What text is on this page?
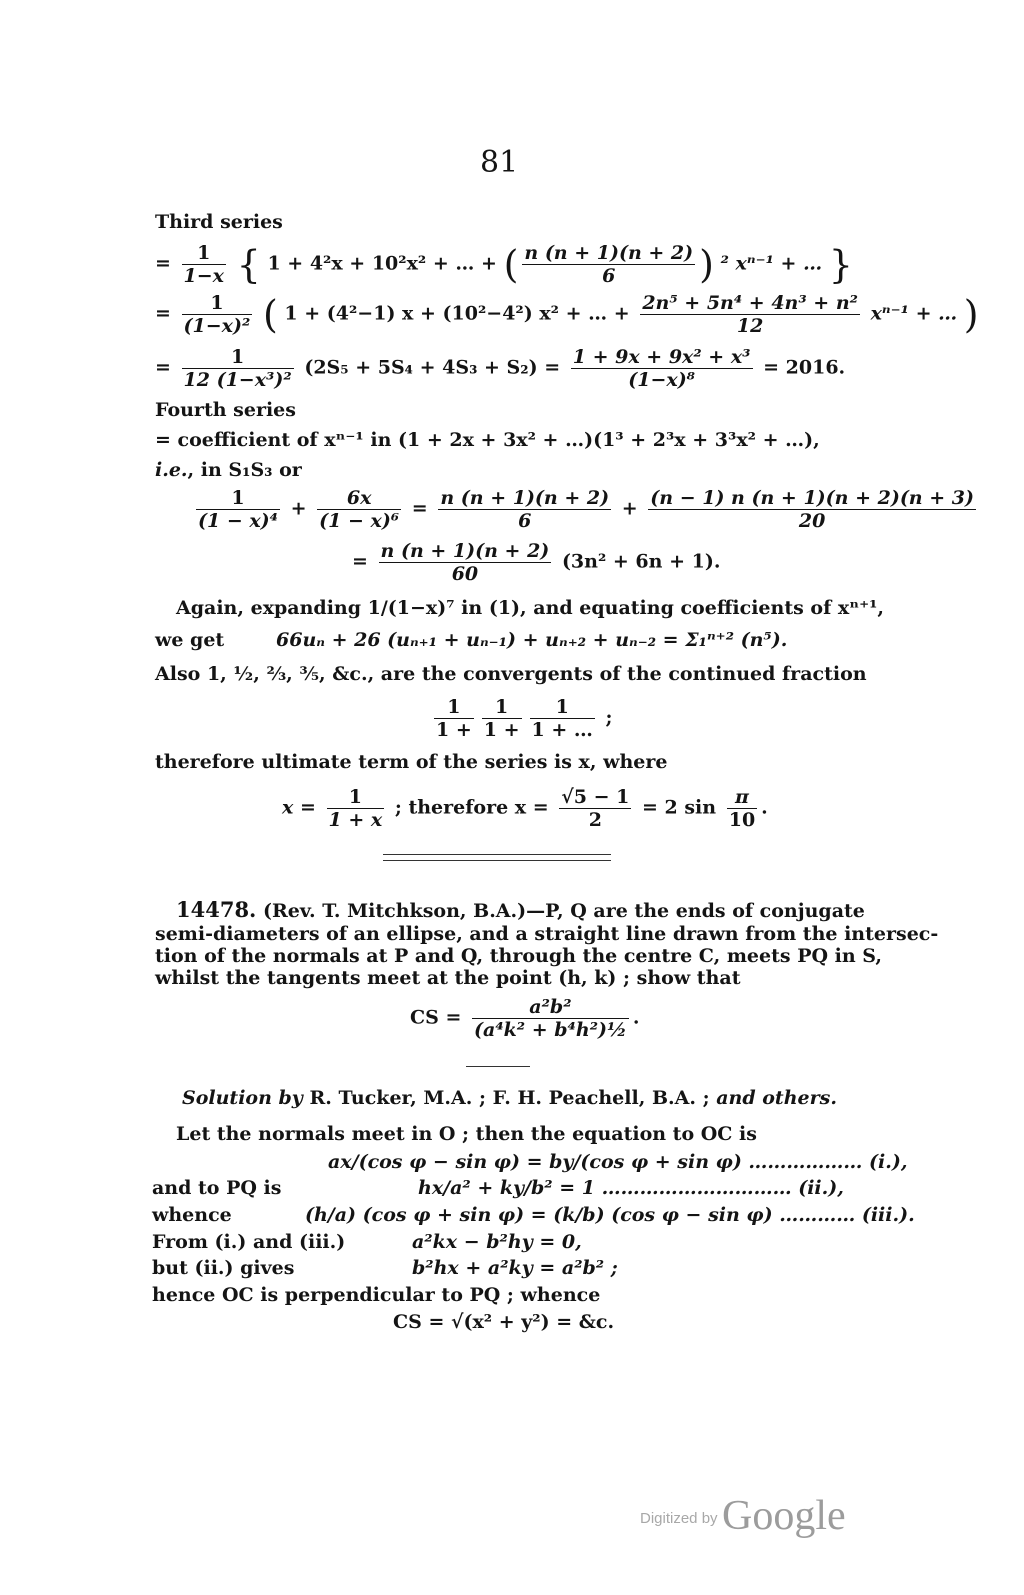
81
Third series
= $\frac{1}{1-x}$ { 1 + 4²x + 10²x² + … + ( $\frac{n (n + 1)(n + 2)}{6}$ ) ² xⁿ⁻¹ + … }
= $\frac{1}{\text{(1−x)²}}$ ( 1 + (4²−1) x + (10²−4²) x² + … + $\frac{\text{2n⁵ + 5n⁴ + 4n³ + n²}}{12} x^{n-1}$ + … )
= $\frac{1}{\text{12 (1−x³)²}} (2S_5 + 5S_4 + 4S_3 + S_2) = \frac{\text{1 + 9x + 9x² + x³}}{\text{(1−x)⁸}} = 2016$.
Fourth series
= coefficient of xⁿ⁻¹ in (1 + 2x + 3x² + …)(1³ + 2³x + 3³x² + …),
i.e., in S₁S₃ or
$\frac{1}{\text{(1 − x)⁴}} + \frac{6x}{\text{(1 − x)⁶}} = \frac{n (n + 1)(n + 2)}{6} + \frac{(n - 1) n (n + 1)(n + 2)(n + 3)}{20}$
= $\frac{n (n + 1)(n + 2)}{60} (3n^2 + 6n + 1)$.
Again, expanding 1/(1−x)⁷ in (1), and equating coefficients of xⁿ⁺¹,
we get	66uₙ + 26 (uₙ₊₁ + uₙ₋₁) + uₙ₊₂ + uₙ₋₂ = Σ₁ⁿ⁺² (n⁵).
Also 1, ½, ⅔, ⅗, &c., are the convergents of the continued fraction
$\frac{1}{1 +} \frac{1}{1 +} \frac{1}{1 + \dots}$ ;
therefore ultimate term of the series is x, where
$x = \frac{1}{1 + x}$ ; therefore $x = \frac{√5 - 1}{2} = 2$ $\sin \frac{\pi}{10}$ .
14478. (Rev. T. Mitchkson, B.A.)—P, Q are the ends of conjugate
semi-diameters of an ellipse, and a straight line drawn from the intersec-
tion of the normals at P and Q, through the centre C, meets PQ in S,
whilst the tangents meet at the point (h, k) ; show that
CS = $\frac{\text{a²b²}}{\text{(a⁴k² + b⁴h²)½}}$ .
Solution by R. Tucker, M.A. ; F. H. Peachell, B.A. ; and others.
Let the normals meet in O ; then the equation to OC is
ax/(cos φ − sin φ) = by/(cos φ + sin φ) ……………… (i.),
and to PQ is	hx/a² + ky/b² = 1 ………………………… (ii.),
whence	(h/a) (cos φ + sin φ) = (k/b) (cos φ − sin φ) ………… (iii.).
From (i.) and (iii.)	a²kx − b²hy = 0,
but (ii.) gives	b²hx + a²ky = a²b² ;
hence OC is perpendicular to PQ ; whence
CS = √(x² + y²) = &c.
Digitized by Google
